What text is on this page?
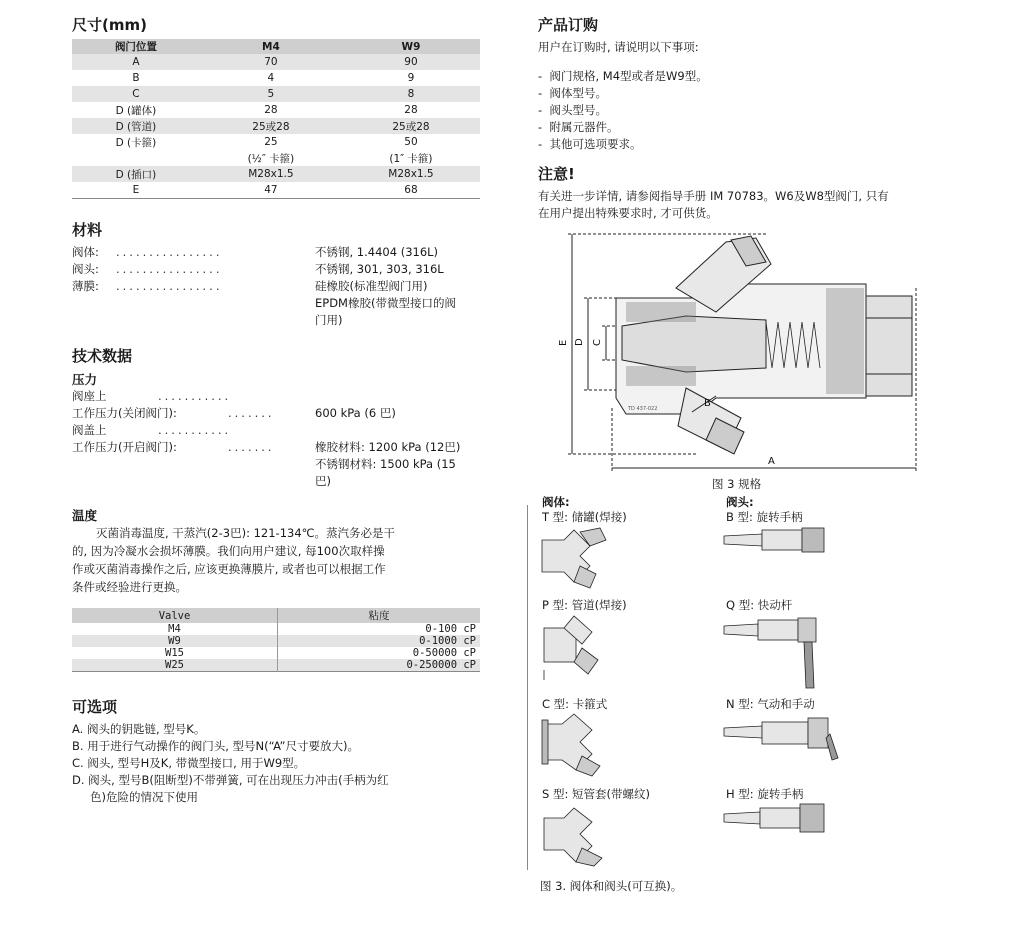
尺寸(mm)
阀门位置	M4	W9
A	70	90
B	4	9
C	5	8
D (罐体)	28	28
D (管道)	25或28	25或28
D (卡箍)	25	50
	(½″ 卡箍)	(1″ 卡箍)
D (插口)	M28x1.5	M28x1.5
E	47	68
材料
阀体: ................	不锈钢, 1.4404 (316L)
阀头: ................	不锈钢, 301, 303, 316L
薄膜: ................	硅橡胶(标准型阀门用)
EPDM橡胶(带微型接口的阀
门用)
技术数据
压力
阀座上	...........
工作压力(关闭阀门):	.......	600 kPa (6 巴)
阀盖上	...........
工作压力(开启阀门):	.......	橡胶材料: 1200 kPa (12巴)
不锈钢材料: 1500 kPa (15
巴)
温度
灭菌消毒温度, 干蒸汽(2-3巴): 121-134℃。蒸汽务必是干
的, 因为冷凝水会损坏薄膜。我们向用户建议, 每100次取样操
作或灭菌消毒操作之后, 应该更换薄膜片, 或者也可以根据工作
条件或经验进行更换。
Valve	粘度
M4	0-100 cP
W9	0-1000 cP
W15	0-50000 cP
W25	0-250000 cP
可选项
A. 阀头的钥匙链, 型号K。
B. 用于进行气动操作的阀门头, 型号N(“A”尺寸要放大)。
C. 阀头, 型号H及K, 带微型接口, 用于W9型。
D. 阀头, 型号B(阻断型)不带弹簧, 可在出现压力冲击(手柄为红
色)危险的情况下使用
产品订购
用户在订购时, 请说明以下事项:
-  阀门规格, M4型或者是W9型。
-  阀体型号。
-  阀头型号。
-  附属元器件。
-  其他可选项要求。
注意!
有关进一步详情, 请参阅指导手册 IM 70783。W6及W8型阀门, 只有
在用户提出特殊要求时, 才可供货。
E D C
B
A
TD 437-022
图 3 规格
阀体:	阀头:
T 型: 储罐(焊接)
P 型: 管道(焊接)
C 型: 卡箍式
S 型: 短管套(带螺纹)
B 型: 旋转手柄
Q 型: 快动杆
N 型: 气动和手动
H 型: 旋转手柄
图 3. 阀体和阀头(可互换)。
